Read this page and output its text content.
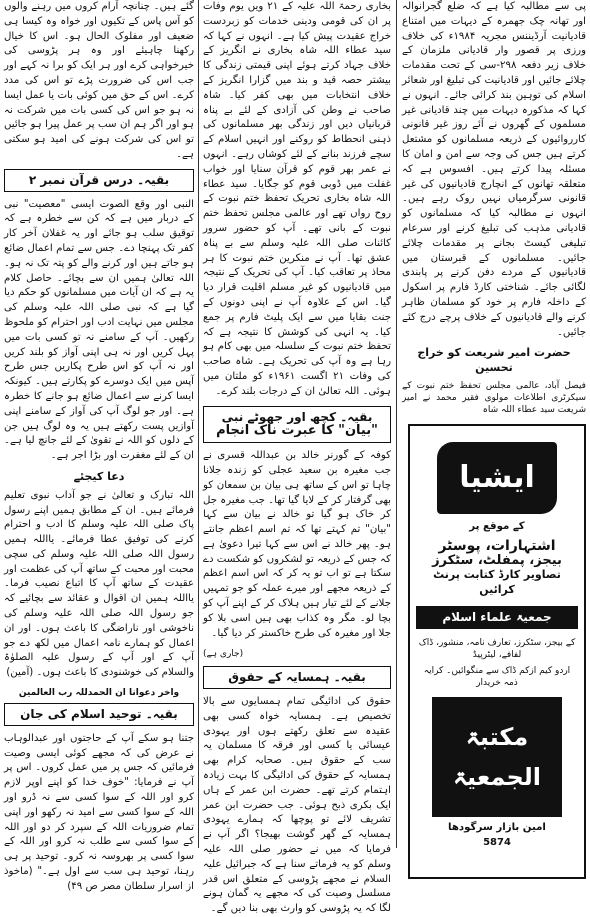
پی سے مطالبہ کیا ہے کہ ضلع گجرانوالہ اور تھانہ چک جھمرہ کے دیہات میں امتناع قادیانیت آرڈیننس مجریہ ۱۹۸۴ء کی خلاف ورزی پر قصور وار قادیانی ملزمان کے خلاف زیر دفعہ ۲۹۸-سی کے تحت مقدمات چلائے جائیں اور قادیانیت کی تبلیغ اور شعائر اسلام کی توہین بند کرائی جائے۔ انہوں نے کہا کہ مذکورہ دیہات میں چند قادیانی غیر مسلموں کے گھروں نے آئے روز غیر قانونی کارروائیوں کے ذریعہ مسلمانوں کو مشتعل کرتے ہیں جس کی وجہ سے امن و امان کا مسئلہ پیدا کرتے ہیں۔ افسوس ہے کہ متعلقہ تھانوں کے انچارج قادیانیوں کی غیر قانونی سرگرمیاں نہیں روک رہے ہیں۔ انہوں نے مطالبہ کیا کہ مسلمانوں کو قادیانی مذہب کی تبلیغ کرنے اور سرعام تبلیغی کیسٹ بجانے پر مقدمات چلائے جائیں۔ مسلمانوں کے قبرستان میں قادیانیوں کے مردے دفن کرنے پر پابندی لگائی جائے۔ شناختی کارڈ فارم پر اسکول کے داخلہ فارم پر خود کو مسلمان ظاہر کرنے والے قادیانیوں کے خلاف پرچے درج کئے جائیں۔

حضرت امیر شریعت کو خراج تحسین

فیصل آباد، عالمی مجلس تحفظ ختم نبوت کے سیکرٹری اطلاعات مولوی فقیر محمد نے امیر شریعت سید عطاء اللہ شاہ

ایشیا
کے موقع پر
اشتہارات، پوسٹر
بیجز، پمفلٹ، سٹکرز
تصاویر کارڈ کتابت پرنٹ کرائیں
جمعیۃ علماء اسلام
کے بیجز، سٹکرز، تعارف نامہ، منشور، ڈاک لفافے، لیٹرپیڈ
اردو کیم ازکم ڈاک سے منگوائیں۔ کرایہ ذمہ خریدار
مکتبۃ الجمعیۃ
امین بازار سرگودھا
5874

بخاری رحمۃ اللہ علیہ کے ۲۱ ویں یوم وفات پر ان کی قومی ودینی خدمات کو زبردست خراج عقیدت پیش کیا ہے۔ انہوں نے کہا کہ سید عطاء اللہ شاہ بخاری نے انگریز کے خلاف جہاد کرتے ہوئے اپنی قیمتی زندگی کا بیشتر حصہ قید و بند میں گزارا انگریز کے خلاف انتخابات میں بھی کفر کیا۔ شاہ صاحب نے وطن کی آزادی کے لئے بے پناہ قربانیاں دیں اور زندگی بھر مسلمانوں کی ذہنی انحطاط کو روکنے اور انہیں اسلام کے سچے فرزند بنانے کے لئے کوشاں رہے۔ انہوں نے عمر بھر قوم کو قرآن سنایا اور خواب غفلت میں ڈوبی قوم کو جگایا۔ سید عطاء اللہ شاہ بخاری تحریک تحفظ ختم نبوت کے روح رواں تھے اور عالمی مجلس تحفظ ختم نبوت کے بانی تھے۔ آپ کو حضور سرور کائنات صلی اللہ علیہ وسلم سے بے پناہ عشق تھا۔ آپ نے منکرین ختم نبوت کا ہر محاذ پر تعاقب کیا۔ آپ کی تحریک کے نتیجہ میں قادیانیوں کو غیر مسلم اقلیت قرار دیا گیا۔ اس کے علاوہ آپ نے اپنی دونوں کے جنت بقایا میں سے ایک پلیٹ فارم پر جمع کیا۔ یہ انہی کی کوشش کا نتیجہ ہے کہ تحفظ ختم نبوت کے سلسلہ میں بھی کام ہو رہا ہے وہ آپ کی تحریک ہے۔ شاہ صاحب کی وفات ۲۱ اگست ۱۹۶۱ء کو ملتان میں ہوئی۔ اللہ تعالیٰ ان کے درجات بلند کرے۔

بقیہ۔ کچھ اور جھوٹے نبی
"بیان" کا عبرت ناک انجام

کوفہ کے گورنر خالد بن عبداللہ قسری نے جب مغیرہ بن سعید عجلی کو زندہ جلانا چاہا تو اس کے ساتھ ہی بیان بن سمعان کو بھی گرفتار کر کے لایا گیا تھا۔ جب مغیرہ جل کر خاک ہو گیا تو خالد نے بیان سے کہا "بیان" تم کہتے تھا کہ تم اسم اعظم جانتے ہو۔ پھر خالد نے اس سے کہا تیرا دعویٰ ہے کہ جس کے ذریعہ تو لشکروں کو شکست دے سکتا ہے تو اب تو یہ کر کہ اس اسم اعظم کے ذریعہ مجھے اور میرے عملہ کو جو تمہیں جلانے کے لئے تیار ہیں ہلاک کر کے اپنے آپ کو بچا لو۔ مگر وہ کذاب بھی ہیں اسی بلا کو جلا اور مغیرہ کی طرح خاکستر کر دیا گیا۔

(جاری ہے)
بقیہ۔ ہمسایہ کے حقوق

حقوق کی ادائیگی تمام ہمسایوں سے بالا تخصیص ہے۔ ہمسایہ خواہ کسی بھی عقیدہ سے تعلق رکھتے ہوں اور یہودی عیسائی یا کسی اور فرقہ کا مسلمان یہ سب کے حقوق ہیں۔ صحابہ کرام بھی ہمسایہ کے حقوق کی ادائیگی کا بہت زیادہ اہتمام کرتے تھے۔ حضرت ابن عمر کے ہاں ایک بکری ذبح ہوئی۔ جب حضرت ابن عمر تشریف لائے تو پوچھا کہ ہمارے یہودی ہمسایہ کے گھر گوشت بھیجا؟ اگر آپ نے فرمایا کہ میں نے حضور صلی اللہ علیہ وسلم کو یہ فرماتے سنا ہے کہ جبرائیل علیہ السلام نے مجھے پڑوسی کے متعلق اس قدر مسلسل وصیت کی کہ مجھے یہ گمان ہونے لگا کہ یہ پڑوسی کو وارث بھی بنا دیں گے۔

گئے ہیں۔ چنانچہ آرام کروں میں رہنے والوں کو آس پاس کے تکیوں اور خواہ وہ کیسا ہی ضعیف اور مفلوک الحال ہو۔ اس کا خیال رکھنا چاہیئے اور وہ ہر پڑوسی کی خیرخواہی کرے اور ہر ایک کو برا نہ کہے اور جب اس کی ضرورت پڑے تو اس کی مدد کرے۔ اس کے حق میں کوئی بات یا عمل ایسا نہ ہو جو اس کی کسی بات میں شرکت نہ ہو اور اگر ہم ان سب پر عمل پیرا ہو جائیں تو اس کی شرکت ہونے کی امید ہو سکتی ہے۔

بقیہ۔ درس قرآن نمبر ۲

النبی اور وقع الصوت ایسی "معصیت" نبی کے دربار میں ہے کہ کن سے خطرہ ہے کہ توقیق سلب ہو جائے اور یہ غفلان آخر کار کفر تک پہنچا دے۔ جس سے تمام اعمال ضائع ہو جاتے ہیں اور کرنے والے کو پتہ تک نہ ہو۔ اللہ تعالیٰ ہمیں ان سے بچائے۔ حاصل کلام یہ ہے کہ ان آیات میں مسلمانوں کو حکم دیا گیا ہے کہ نبی صلی اللہ علیہ وسلم کی مجلس میں نہایت ادب اور احترام کو ملحوظ رکھیں۔ آپ کے سامنے نہ تو کسی بات میں پہل کریں اور نہ ہی اپنی آواز کو بلند کریں اور نہ آپ کو اس طرح پکاریں جس طرح آپس میں ایک دوسرے کو پکارتے ہیں۔ کیونکہ ایسا کرنے سے اعمال ضائع ہو جانے کا خطرہ ہے۔ اور جو لوگ آپ کی آواز کے سامنے اپنی آوازیں پست رکھتے ہیں یہ وہ لوگ ہیں جن کے دلوں کو اللہ نے تقویٰ کے لئے جانچ لیا ہے۔ ان کے لئے مغفرت اور بڑا اجر ہے۔

دعا کیجئے

اللہ تبارک و تعالیٰ نے جو آداب نبوی تعلیم فرمائے ہیں۔ ان کے مطابق ہمیں اپنے رسول پاک صلی اللہ علیہ وسلم کا ادب و احترام کرنے کی توفیق عطا فرمائے۔ یااللہ ہمیں رسول اللہ صلی اللہ علیہ وسلم کی سچی محبت اور محبت کے ساتھ آپ کی عظمت اور عقیدت کے ساتھ آپ کا اتباع نصیب فرما۔ یااللہ ہمیں ان اقوال و عقائد سے بچائیے کہ جو رسول اللہ صلی اللہ علیہ وسلم کی ناخوشی اور ناراضگی کا باعث ہوں۔ اور ان اعمال کو ہمارے نامہ اعمال میں لکھ دے جو آپ کے اور آپ کے رسول علیہ الصلوٰۃ والسلام کی خوشنودی کا باعث ہوں۔ (آمین)

واخر دعوانا ان الحمدللہ رب العالمین
بقیہ۔ توحید اسلام کی جان

جتنا ہو سکے آپ کے حاجتوں اور عبدالوہاب نے عرض کی کہ مجھے کوئی ایسی وصیت فرمائیں کہ جس پر میں عمل کروں۔ اس پر آپ نے فرمایا: "خوف خدا کو اپنے اوپر لازم کرو اور اللہ کے سوا کسی سے نہ ڈرو اور اللہ کے سوا کسی سے امید نہ رکھو اور اپنی تمام ضروریات اللہ کے سپرد کر دو اور اللہ کے سوا کسی سے طلب نہ کرو اور اللہ کے سوا کسی پر بھروسہ نہ کرو۔ توحید پر ہی رہنا، توحید ہی سب سے اول ہے۔" (ماخوذ از اسرار سلطان مصر ص ۴۹)
